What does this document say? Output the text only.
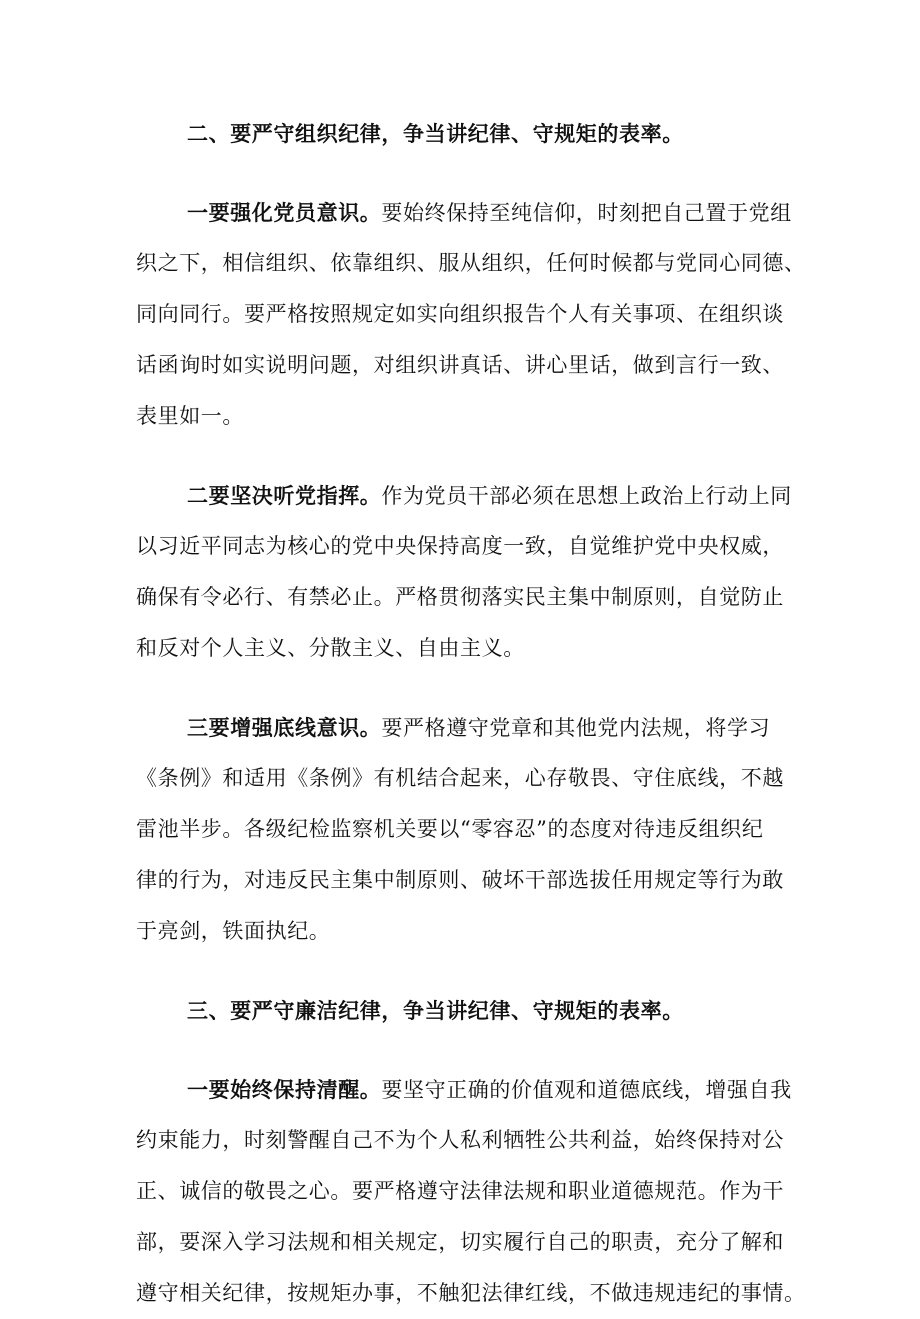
二、要严守组织纪律，争当讲纪律、守规矩的表率。
一要强化党员意识。要始终保持至纯信仰，时刻把自己置于党组
织之下，相信组织、依靠组织、服从组织，任何时候都与党同心同德、
同向同行。要严格按照规定如实向组织报告个人有关事项、在组织谈
话函询时如实说明问题，对组织讲真话、讲心里话，做到言行一致、
表里如一。
二要坚决听党指挥。作为党员干部必须在思想上政治上行动上同
以习近平同志为核心的党中央保持高度一致，自觉维护党中央权威，
确保有令必行、有禁必止。严格贯彻落实民主集中制原则，自觉防止
和反对个人主义、分散主义、自由主义。
三要增强底线意识。要严格遵守党章和其他党内法规，将学习
《条例》和适用《条例》有机结合起来，心存敬畏、守住底线，不越
雷池半步。各级纪检监察机关要以“零容忍”的态度对待违反组织纪
律的行为，对违反民主集中制原则、破坏干部选拔任用规定等行为敢
于亮剑，铁面执纪。
三、要严守廉洁纪律，争当讲纪律、守规矩的表率。
一要始终保持清醒。要坚守正确的价值观和道德底线，增强自我
约束能力，时刻警醒自己不为个人私利牺牲公共利益，始终保持对公
正、诚信的敬畏之心。要严格遵守法律法规和职业道德规范。作为干
部，要深入学习法规和相关规定，切实履行自己的职责，充分了解和
遵守相关纪律，按规矩办事，不触犯法律红线，不做违规违纪的事情。
